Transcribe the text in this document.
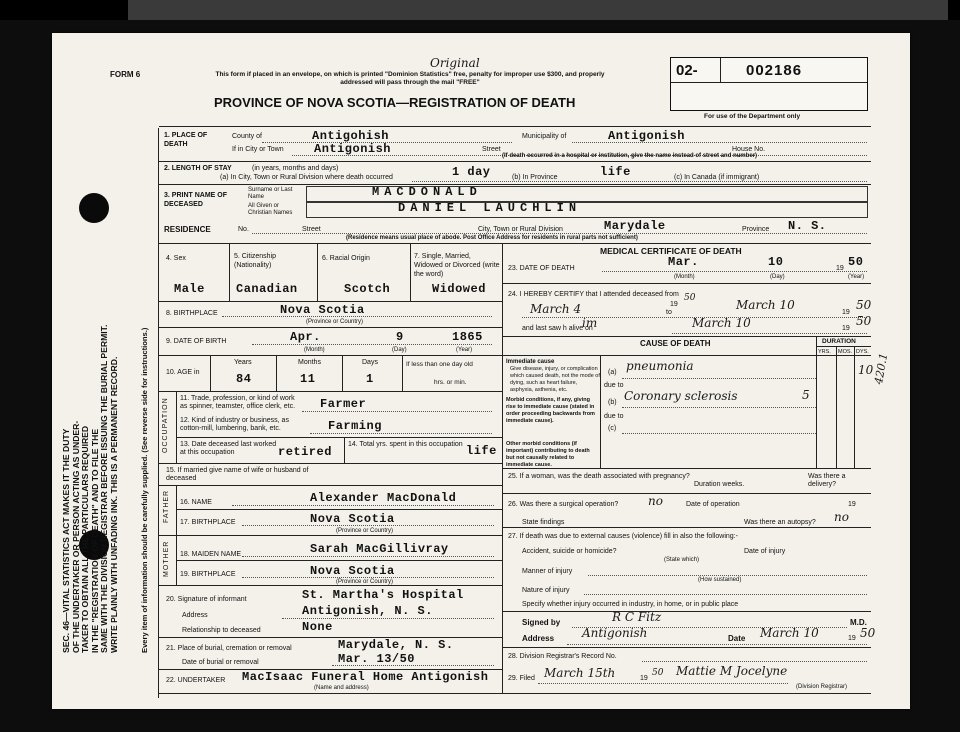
SEC. 46—VITAL STATISTICS ACT MAKES IT THE DUTY OF THE UNDERTAKER OR PERSON ACTING AS UNDER- TAKER TO OBTAIN ALL THE PARTICULARS REQUIRED IN THE "REGISTRATION OF DEATH" AND TO FILE THE SAME WITH THE DIVISION REGISTRAR BEFORE ISSUING THE BURIAL PERMIT. WRITE PLAINLY WITH UNFADING INK. THIS IS A PERMANENT RECORD.	Every item of information should be carefully supplied. (See reverse side for instructions.)
FORM 6	This form if placed in an envelope, on which is printed "Dominion Statistics" free, penalty for improper use $300, and properly addressed will pass through the mail "FREE"
Original
PROVINCE OF NOVA SCOTIA—REGISTRATION OF DEATH
02-	002186
For use of the Department only
1. PLACE OF DEATH
County of	Antigohish	Municipality of	Antigonish
If in City or Town	Antigonish	Street	House No.
(If death occurred in a hospital or institution, give the name instead of street and number)
2. LENGTH OF STAY	(in years, months and days)
(a) In City, Town or Rural Division where death occurred	1 day	(b) In Province	life	(c) In Canada (if immigrant)
3. PRINT NAME OF DECEASED
Surname or Last Name
All Given or Christian Names
MACDONALD
DANIEL LAUCHLIN
RESIDENCE	No.	Street	City, Town or Rural Division	Marydale	Province N. S.
(Residence means usual place of abode. Post Office Address for residents in rural parts not sufficient)
4. Sex	5. Citizenship (Nationality)
6. Racial Origin	7. Single, Married, Widowed or Divorced (write the word)
Male	Canadian	Scotch	Widowed
8. BIRTHPLACE	Nova Scotia
(Province or Country)
9. DATE OF BIRTH	Apr.	9	1865
(Month)	(Day)	(Year)
10. AGE in
Years	Months	Days
84	11	1
If less than one day old
hrs. or min.
OCCUPATION 11. Trade, profession, or kind of work as spinner, teamster, office clerk, etc.	Farmer
12. Kind of industry or business, as cotton-mill, lumbering, bank, etc.	Farming
13. Date deceased last worked at this occupation	retired
14. Total yrs. spent in this occupation life
15. If married give name of wife or husband of deceased
FATHER
MOTHER
16. NAME	Alexander MacDonald
17. BIRTHPLACE	Nova Scotia
(Province or Country)
18. MAIDEN NAME	Sarah MacGillivray
19. BIRTHPLACE	Nova Scotia
(Province or Country)
20. Signature of informant	St. Martha's Hospital
Address	Antigonish, N. S.
Relationship to deceased	None
21. Place of burial, cremation or removal	Marydale, N. S.
Date of burial or removal	Mar. 13/50
22. UNDERTAKER MacIsaac Funeral Home Antigonish
(Name and address)
MEDICAL CERTIFICATE OF DEATH
23. DATE OF DEATH	Mar.	10	19 50
(Month)	(Day)	(Year)
24. I HEREBY CERTIFY that I attended deceased from
March 4	to
March 10
19
50
19
50
and last saw h alive on
im	March 10	19
50
CAUSE OF DEATH	DURATION
YRS. MOS. DYS.
Immediate cause
Give disease, injury, or complication which caused death, not the mode of dying, such as heart failure, asphyxia, asthenia, etc.
(a) pneumonia
due to
10
Morbid conditions, if any, giving rise to immediate cause (stated in order proceeding backwards from immediate cause).
(b) Coronary sclerosis	5
due to
(c)
Other morbid conditions (if important) contributing to death but not causally related to immediate cause.
420.1
25. If a woman, was the death associated with pregnancy?
Duration weeks.
Was there a delivery?
26. Was there a surgical operation? no	Date of operation	19
State findings	Was there an autopsy? no
27. If death was due to external causes (violence) fill in also the following:-
Accident, suicide or homicide?	Date of injury
(State which)
Manner of injury
(How sustained)
Nature of injury
Specify whether injury occurred in industry, in home, or in public place
Signed by	R C Fitz	M.D.
Address Antigonish	Date March 10	19 50
28. Division Registrar's Record No.
29. Filed March 15th	19
50 Mattie M Jocelyne
(Division Registrar)
